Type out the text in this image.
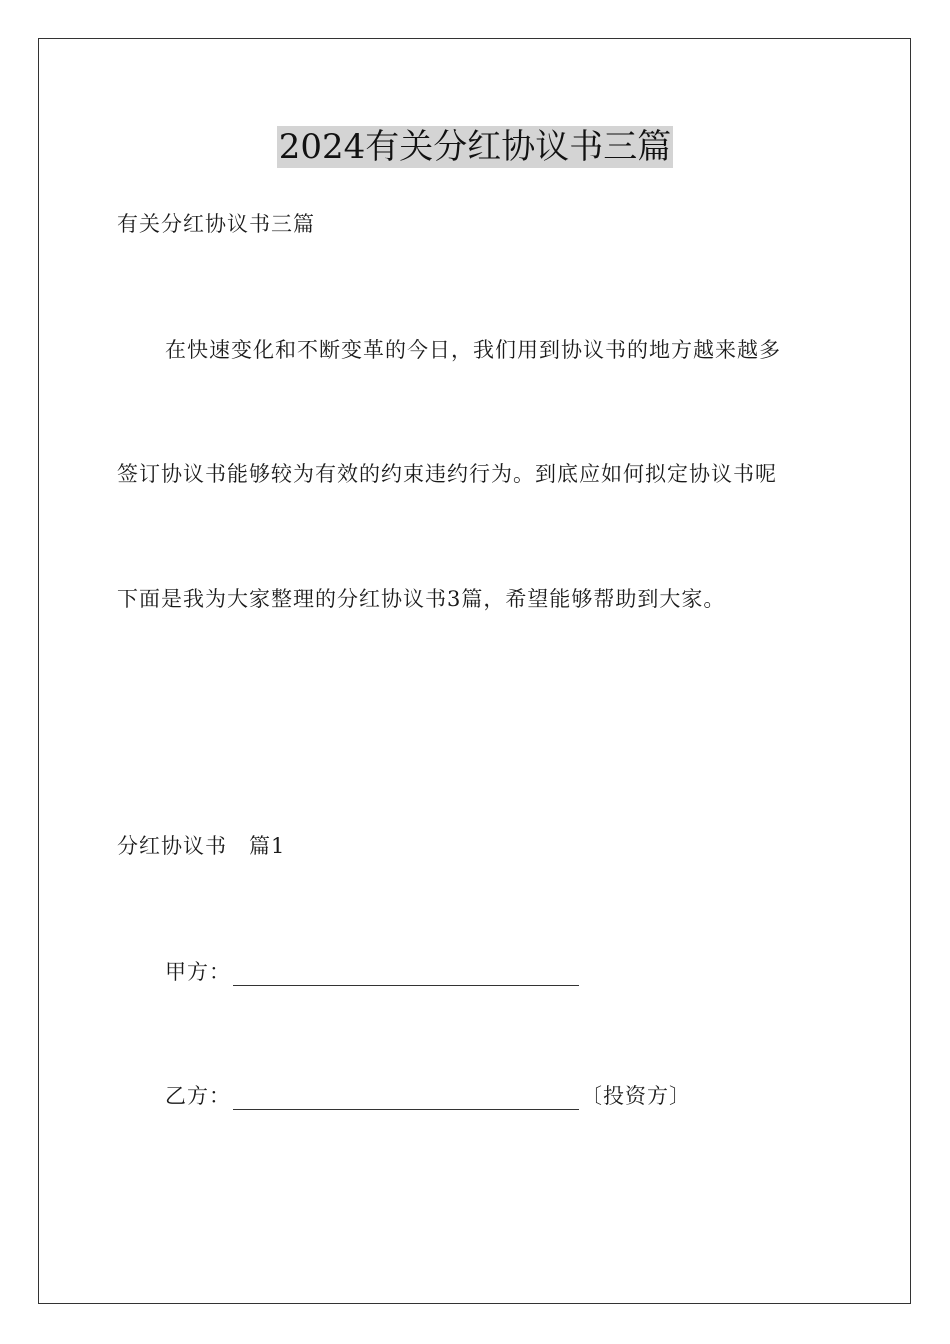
2024有关分红协议书三篇
有关分红协议书三篇
在快速变化和不断变革的今日，我们用到协议书的地方越来越多
签订协议书能够较为有效的约束违约行为。到底应如何拟定协议书呢
下面是我为大家整理的分红协议书3篇，希望能够帮助到大家。
分红协议书　篇1
甲方：
乙方：	〔投资方〕
